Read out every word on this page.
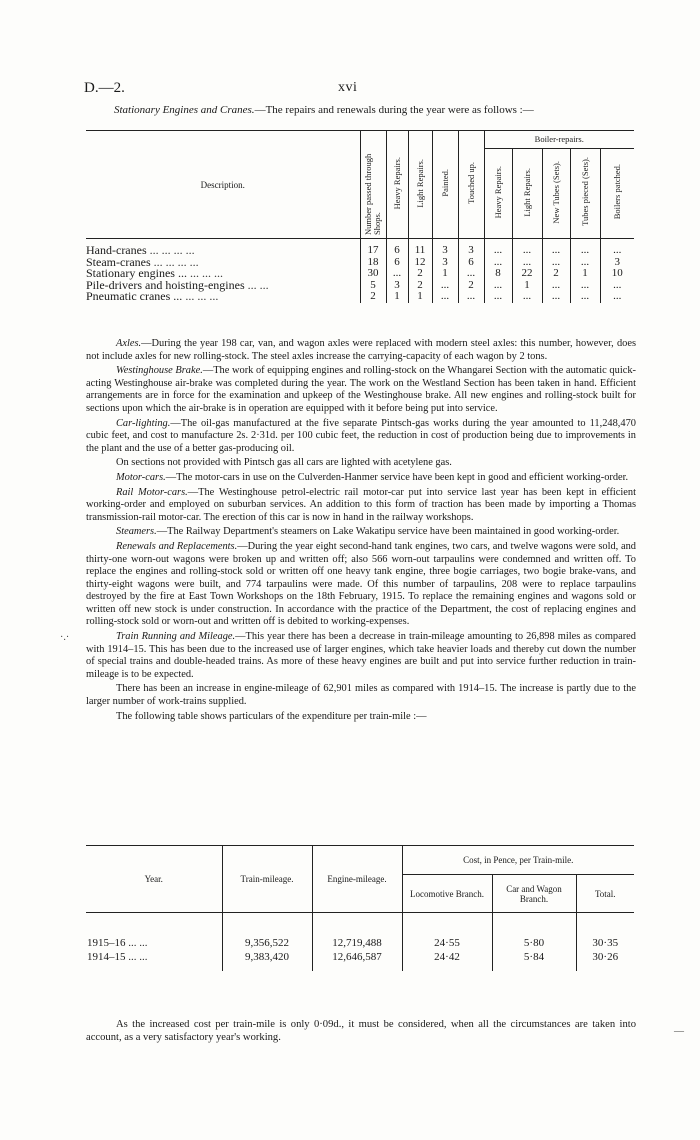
D.—2.	xvi
Stationary Engines and Cranes.—The repairs and renewals during the year were as follows :—
Description.	Number passed through Shops.	Heavy Repairs.	Light Repairs.	Painted.	Touched up.	Boiler-repairs.				
						Heavy Repairs.	Light Repairs.	New Tubes (Sets).	Tubes pieced (Sets).	Boilers patched.
Hand-cranes ... ... ... ...	17	6	11	3	3	...	...	...	...	...
Steam-cranes ... ... ... ...	18	6	12	3	6	...	...	...	...	3
Stationary engines ... ... ... ...	30	...	2	1	...	8	22	2	1	10
Pile-drivers and hoisting-engines ... ...	5	3	2	...	2	...	1	...	...	...
Pneumatic cranes ... ... ... ...	2	1	1	...	...	...	...	...	...	...

Axles.—During the year 198 car, van, and wagon axles were replaced with modern steel axles: this number, however, does not include axles for new rolling-stock. The steel axles increase the carrying-capacity of each wagon by 2 tons.

Westinghouse Brake.—The work of equipping engines and rolling-stock on the Whangarei Section with the automatic quick-acting Westinghouse air-brake was completed during the year. The work on the Westland Section has been taken in hand. Efficient arrangements are in force for the examination and upkeep of the Westinghouse brake. All new engines and rolling-stock built for sections upon which the air-brake is in operation are equipped with it before being put into service.

Car-lighting.—The oil-gas manufactured at the five separate Pintsch-gas works during the year amounted to 11,248,470 cubic feet, and cost to manufacture 2s. 2·31d. per 100 cubic feet, the reduction in cost of production being due to improvements in the plant and the use of a better gas-producing oil.

On sections not provided with Pintsch gas all cars are lighted with acetylene gas.

Motor-cars.—The motor-cars in use on the Culverden-Hanmer service have been kept in good and efficient working-order.

Rail Motor-cars.—The Westinghouse petrol-electric rail motor-car put into service last year has been kept in efficient working-order and employed on suburban services. An addition to this form of traction has been made by importing a Thomas transmission-rail motor-car. The erection of this car is now in hand in the railway workshops.

Steamers.—The Railway Department's steamers on Lake Wakatipu service have been maintained in good working-order.

Renewals and Replacements.—During the year eight second-hand tank engines, two cars, and twelve wagons were sold, and thirty-one worn-out wagons were broken up and written off; also 566 worn-out tarpaulins were condemned and written off. To replace the engines and rolling-stock sold or written off one heavy tank engine, three bogie carriages, two bogie brake-vans, and thirty-eight wagons were built, and 774 tarpaulins were made. Of this number of tarpaulins, 208 were to replace tarpaulins destroyed by the fire at East Town Workshops on the 18th February, 1915. To replace the remaining engines and wagons sold or written off new stock is under construction. In accordance with the practice of the Department, the cost of replacing engines and rolling-stock sold or worn-out and written off is debited to working-expenses.

Train Running and Mileage.—This year there has been a decrease in train-mileage amounting to 26,898 miles as compared with 1914–15. This has been due to the increased use of larger engines, which take heavier loads and thereby cut down the number of special trains and double-headed trains. As more of these heavy engines are built and put into service further reduction in train-mileage is to be expected.

There has been an increase in engine-mileage of 62,901 miles as compared with 1914–15. The increase is partly due to the larger number of work-trains supplied.

The following table shows particulars of the expenditure per train-mile :—

Year.	Train-mileage.	Engine-mileage.	Cost, in Pence, per Train-mile.		
			Locomotive Branch.	Car and Wagon Branch.	Total.
1915–16 ... ...	9,356,522	12,719,488	24·55	5·80	30·35
1914–15 ... ...	9,383,420	12,646,587	24·42	5·84	30·26

As the increased cost per train-mile is only 0·09d., it must be considered, when all the circumstances are taken into account, as a very satisfactory year's working.

·.·
—
